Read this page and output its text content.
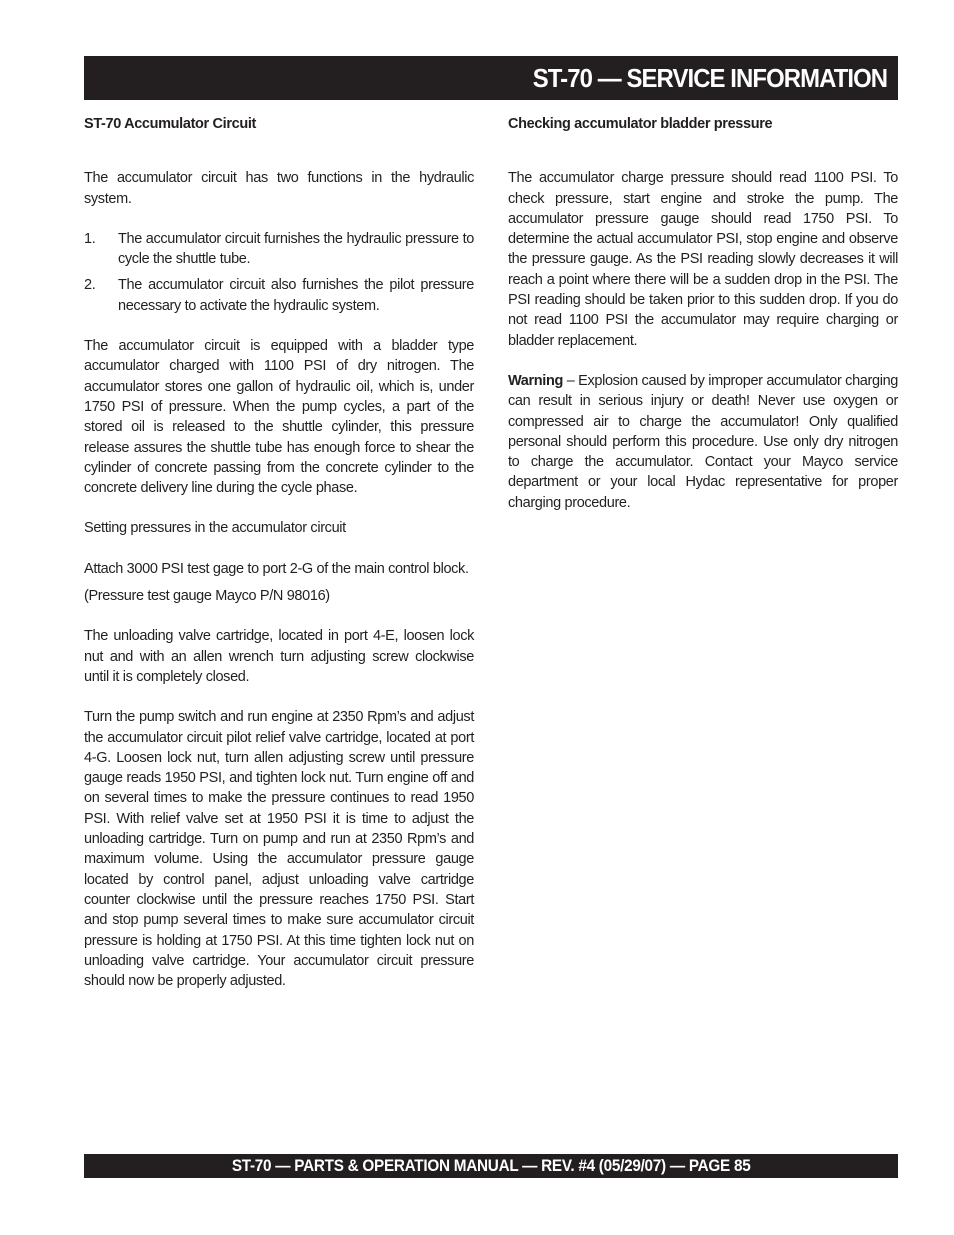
ST-70 — SERVICE INFORMATION

ST-70 Accumulator Circuit

The accumulator circuit has two functions in the hydraulic system.

1.	The accumulator circuit furnishes the hydraulic pressure to cycle the shuttle tube.
2.	The accumulator circuit also furnishes the pilot pressure necessary to activate the hydraulic system.

The accumulator circuit is equipped with a bladder type accumulator charged with 1100 PSI of dry nitrogen. The accumulator stores one gallon of hydraulic oil, which is, under 1750 PSI of pressure. When the pump cycles, a part of the stored oil is released to the shuttle cylinder, this pressure release assures the shuttle tube has enough force to shear the cylinder of concrete passing from the concrete cylinder to the concrete delivery line during the cycle phase.

Setting pressures in the accumulator circuit

Attach 3000 PSI test gage to port 2-G of the main control block.

(Pressure test gauge Mayco P/N 98016)

The unloading valve cartridge, located in port 4-E, loosen lock nut and with an allen wrench turn adjusting screw clockwise until it is completely closed.

Turn the pump switch and run engine at 2350 Rpm’s and adjust the accumulator circuit pilot relief valve cartridge, located at port 4-G. Loosen lock nut, turn allen adjusting screw until pressure gauge reads 1950 PSI, and tighten lock nut. Turn engine off and on several times to make the pressure continues to read 1950 PSI. With relief valve set at 1950 PSI it is time to adjust the unloading cartridge. Turn on pump and run at 2350 Rpm’s and maximum volume. Using the accumulator pressure gauge located by control panel, adjust unloading valve cartridge counter clockwise until the pressure reaches 1750 PSI. Start and stop pump several times to make sure accumulator circuit pressure is holding at 1750 PSI. At this time tighten lock nut on unloading valve cartridge. Your accumulator circuit pressure should now be properly adjusted.

Checking accumulator bladder pressure

The accumulator charge pressure should read 1100 PSI. To check pressure, start engine and stroke the pump. The accumulator pressure gauge should read 1750 PSI. To determine the actual accumulator PSI, stop engine and observe the pressure gauge. As the PSI reading slowly decreases it will reach a point where there will be a sudden drop in the PSI. The PSI reading should be taken prior to this sudden drop. If you do not read 1100 PSI the accumulator may require charging or bladder replacement.

Warning – Explosion caused by improper accumulator charging can result in serious injury or death! Never use oxygen or compressed air to charge the accumulator! Only qualified personal should perform this procedure. Use only dry nitrogen to charge the accumulator. Contact your Mayco service department or your local Hydac representative for proper charging procedure.

ST-70 — PARTS & OPERATION MANUAL — REV. #4 (05/29/07) — PAGE 85
